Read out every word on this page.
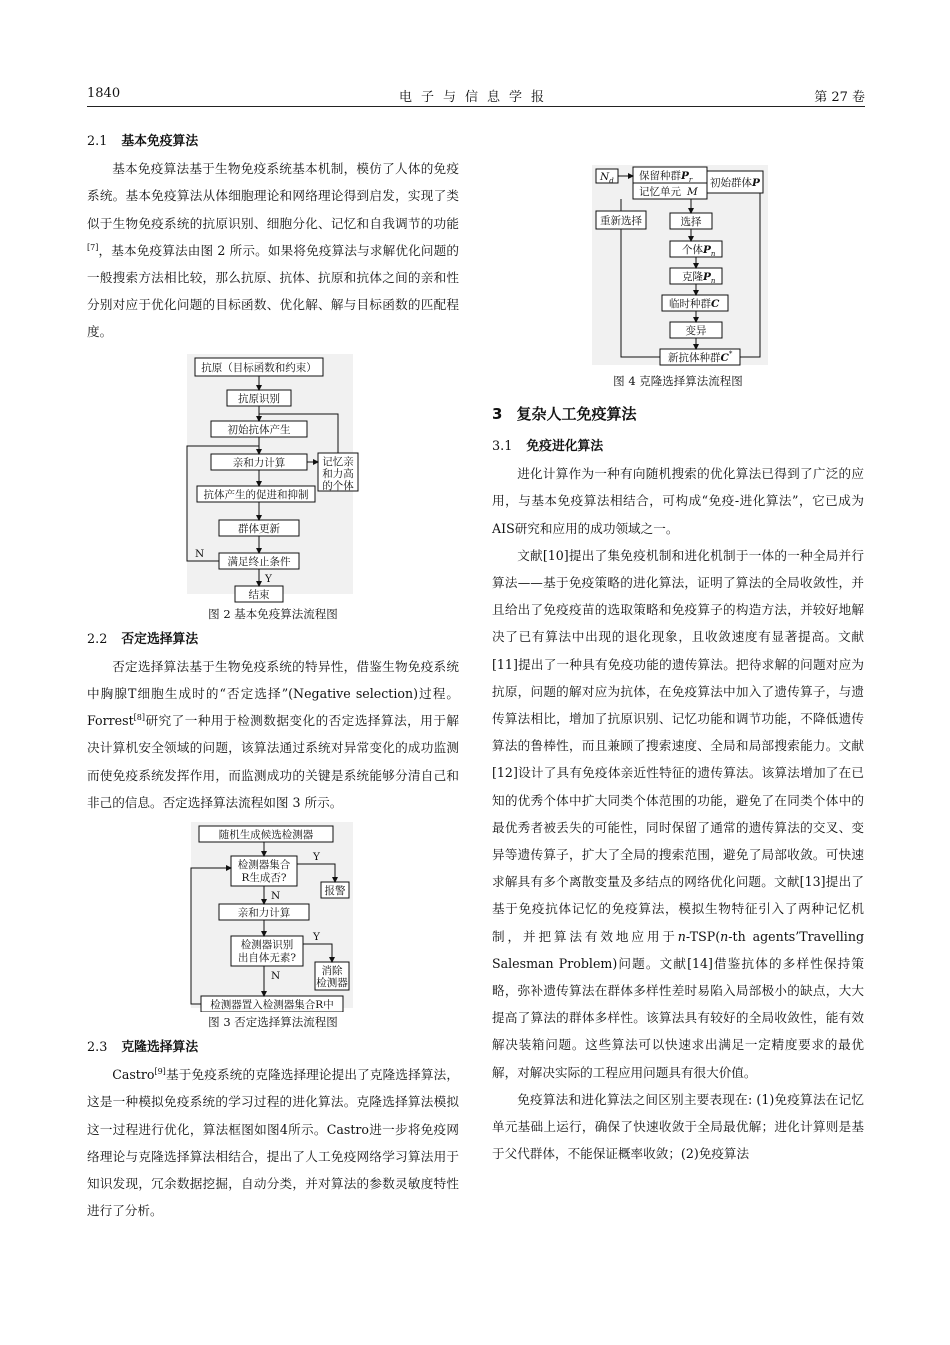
1840	电子与信息学报	第 27 卷
2.1 基本免疫算法

基本免疫算法基于生物免疫系统基本机制，模仿了人体的免疫系统。基本免疫算法从体细胞理论和网络理论得到启发，实现了类似于生物免疫系统的抗原识别、细胞分化、记忆和自我调节的功能[7]，基本免疫算法由图 2 所示。如果将免疫算法与求解优化问题的一般搜索方法相比较，那么抗原、抗体、抗原和抗体之间的亲和性分别对应于优化问题的目标函数、优化解、解与目标函数的匹配程度。

抗原（目标函数和约束）
抗原识别
初始抗体产生
亲和力计算
抗体产生的促进和抑制
群体更新
满足终止条件
结束
记忆亲
和力高
的个体
N
Y
图 2 基本免疫算法流程图
2.2 否定选择算法

否定选择算法基于生物免疫系统的特异性，借鉴生物免疫系统中胸腺T细胞生成时的“否定选择”(Negative selection)过程。Forrest[8]研究了一种用于检测数据变化的否定选择算法，用于解决计算机安全领域的问题，该算法通过系统对异常变化的成功监测而使免疫系统发挥作用，而监测成功的关键是系统能够分清自己和非己的信息。否定选择算法流程如图 3 所示。

随机生成候选检测器
检测器集合
R生成否?
报警
亲和力计算
检测器识别
出自体无素?
消除
检测器
检测器置入检测器集合R中
N
Y
N
Y
图 3 否定选择算法流程图
2.3 克隆选择算法

Castro[9]基于免疫系统的克隆选择理论提出了克隆选择算法，这是一种模拟免疫系统的学习过程的进化算法。克隆选择算法模拟这一过程进行优化，算法框图如图4所示。Castro进一步将免疫网络理论与克隆选择算法相结合，提出了人工免疫网络学习算法用于知识发现，冗余数据挖掘，自动分类，并对算法的参数灵敏度特性进行了分析。

$N_d$ 保留种群$P_r$
记忆单元 M
初始群体P
重新选择	选择
个体$P_n$
克隆$P_n$
临时种群C
变异
新抗体种群C*
图 4 克隆选择算法流程图
3 复杂人工免疫算法
3.1 免疫进化算法

进化计算作为一种有向随机搜索的优化算法已得到了广泛的应用，与基本免疫算法相结合，可构成“免疫-进化算法”，它已成为AIS研究和应用的成功领域之一。

文献[10]提出了集免疫机制和进化机制于一体的一种全局并行算法——基于免疫策略的进化算法，证明了算法的全局收敛性，并且给出了免疫疫苗的选取策略和免疫算子的构造方法，并较好地解决了已有算法中出现的退化现象，且收敛速度有显著提高。文献[11]提出了一种具有免疫功能的遗传算法。把待求解的问题对应为抗原，问题的解对应为抗体，在免疫算法中加入了遗传算子，与遗传算法相比，增加了抗原识别、记忆功能和调节功能，不降低遗传算法的鲁棒性，而且兼顾了搜索速度、全局和局部搜索能力。文献[12]设计了具有免疫体亲近性特征的遗传算法。该算法增加了在已知的优秀个体中扩大同类个体范围的功能，避免了在同类个体中的最优秀者被丢失的可能性，同时保留了通常的遗传算法的交叉、变异等遗传算子，扩大了全局的搜索范围，避免了局部收敛。可快速求解具有多个离散变量及多结点的网络优化问题。文献[13]提出了基于免疫抗体记忆的免疫算法，模拟生物特征引入了两种记忆机制，并把算法有效地应用于n-TSP(n-th agents’Travelling Salesman Problem)问题。文献[14]借鉴抗体的多样性保持策略，弥补遗传算法在群体多样性差时易陷入局部极小的缺点，大大提高了算法的群体多样性。该算法具有较好的全局收敛性，能有效解决装箱问题。这些算法可以快速求出满足一定精度要求的最优解，对解决实际的工程应用问题具有很大价值。

免疫算法和进化算法之间区别主要表现在: (1)免疫算法在记忆单元基础上运行，确保了快速收敛于全局最优解；进化计算则是基于父代群体，不能保证概率收敛；(2)免疫算法
